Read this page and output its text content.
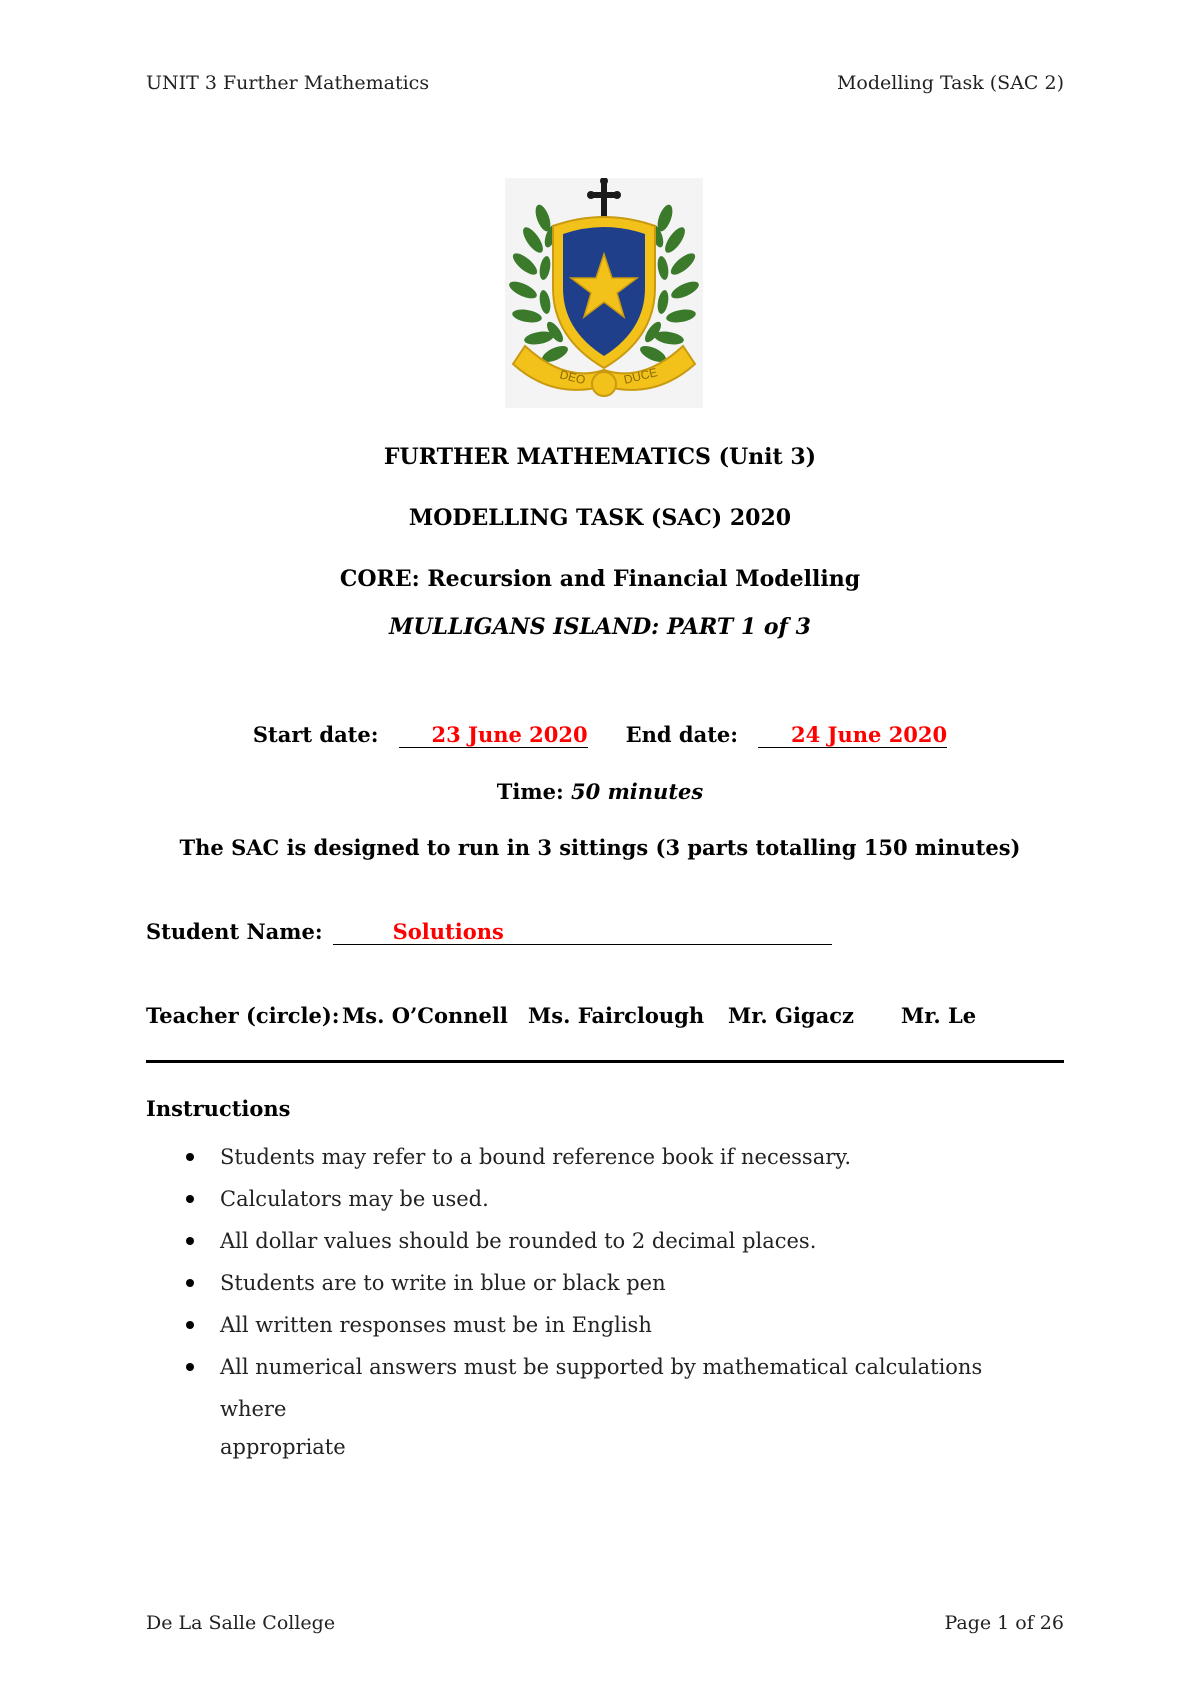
UNIT 3 Further Mathematics	Modelling Task (SAC 2)
DEO	DUCE
FURTHER MATHEMATICS (Unit 3)
MODELLING TASK (SAC) 2020
CORE: Recursion and Financial Modelling
MULLIGANS ISLAND: PART 1 of 3
Start date:	23 June 2020 End date:	24 June 2020
Time: 50 minutes
The SAC is designed to run in 3 sittings (3 parts totalling 150 minutes)
Student Name:	Solutions
Teacher (circle): Ms. O’Connell Ms. Fairclough Mr. Gigacz Mr. Le
Instructions
Students may refer to a bound reference book if necessary.
Calculators may be used.
All dollar values should be rounded to 2 decimal places.
Students are to write in blue or black pen
All written responses must be in English
All numerical answers must be supported by mathematical calculations where
appropriate
De La Salle College	Page 1 of 26
